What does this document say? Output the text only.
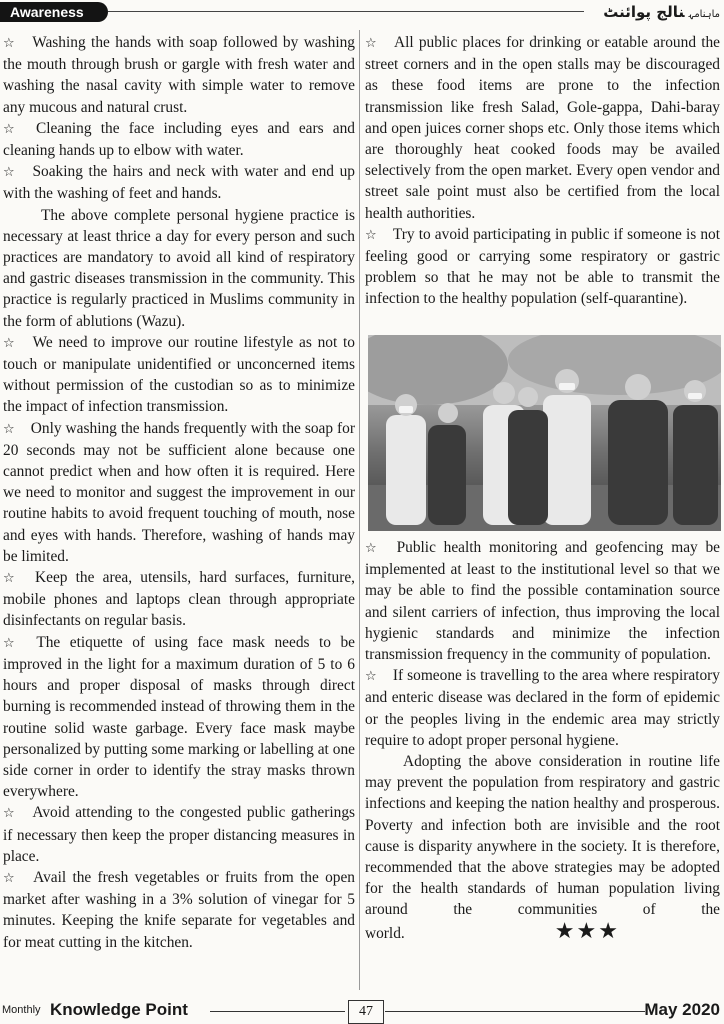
Awareness	ماہنامہنالج پوائنٹ

☆ Washing the hands with soap followed by washing the mouth through brush or gargle with fresh water and washing the nasal cavity with simple water to remove any mucous and natural crust.

☆ Cleaning the face including eyes and ears and cleaning hands up to elbow with water.

☆ Soaking the hairs and neck with water and end up with the washing of feet and hands.

The above complete personal hygiene practice is necessary at least thrice a day for every person and such practices are mandatory to avoid all kind of respiratory and gastric diseases transmission in the community. This practice is regularly practiced in Muslims community in the form of ablutions (Wazu).

☆ We need to improve our routine lifestyle as not to touch or manipulate unidentified or unconcerned items without permission of the custodian so as to minimize the impact of infection transmission.

☆ Only washing the hands frequently with the soap for 20 seconds may not be sufficient alone because one cannot predict when and how often it is required. Here we need to monitor and suggest the improvement in our routine habits to avoid frequent touching of mouth, nose and eyes with hands. Therefore, washing of hands may be limited.

☆ Keep the area, utensils, hard surfaces, furniture, mobile phones and laptops clean through appropriate disinfectants on regular basis.

☆ The etiquette of using face mask needs to be improved in the light for a maximum duration of 5 to 6 hours and proper disposal of masks through direct burning is recommended instead of throwing them in the routine solid waste garbage. Every face mask maybe personalized by putting some marking or labelling at one side corner in order to identify the stray masks thrown everywhere.

☆ Avoid attending to the congested public gatherings if necessary then keep the proper distancing measures in place.

☆ Avail the fresh vegetables or fruits from the open market after washing in a 3% solution of vinegar for 5 minutes. Keeping the knife separate for vegetables and for meat cutting in the kitchen.

☆ All public places for drinking or eatable around the street corners and in the open stalls may be discouraged as these food items are prone to the infection transmission like fresh Salad, Gole-gappa, Dahi-baray and open juices corner shops etc. Only those items which are thoroughly heat cooked foods may be availed selectively from the open market. Every open vendor and street sale point must also be certified from the local health authorities.

☆ Try to avoid participating in public if someone is not feeling good or carrying some respiratory or gastric problem so that he may not be able to transmit the infection to the healthy population (self-quarantine).

☆ Public health monitoring and geofencing may be implemented at least to the institutional level so that we may be able to find the possible contamination source and silent carriers of infection, thus improving the local hygienic standards and minimize the infection transmission frequency in the community of population.

☆ If someone is travelling to the area where respiratory and enteric disease was declared in the form of epidemic or the peoples living in the endemic area may strictly require to adopt proper personal hygiene.

Adopting the above consideration in routine life may prevent the population from respiratory and gastric infections and keeping the nation healthy and prosperous. Poverty and infection both are invisible and the root cause is disparity anywhere in the society. It is therefore, recommended that the above strategies may be adopted for the health standards of human population living around the communities of the world.	★★★

Monthly Knowledge Point	47	May 2020
